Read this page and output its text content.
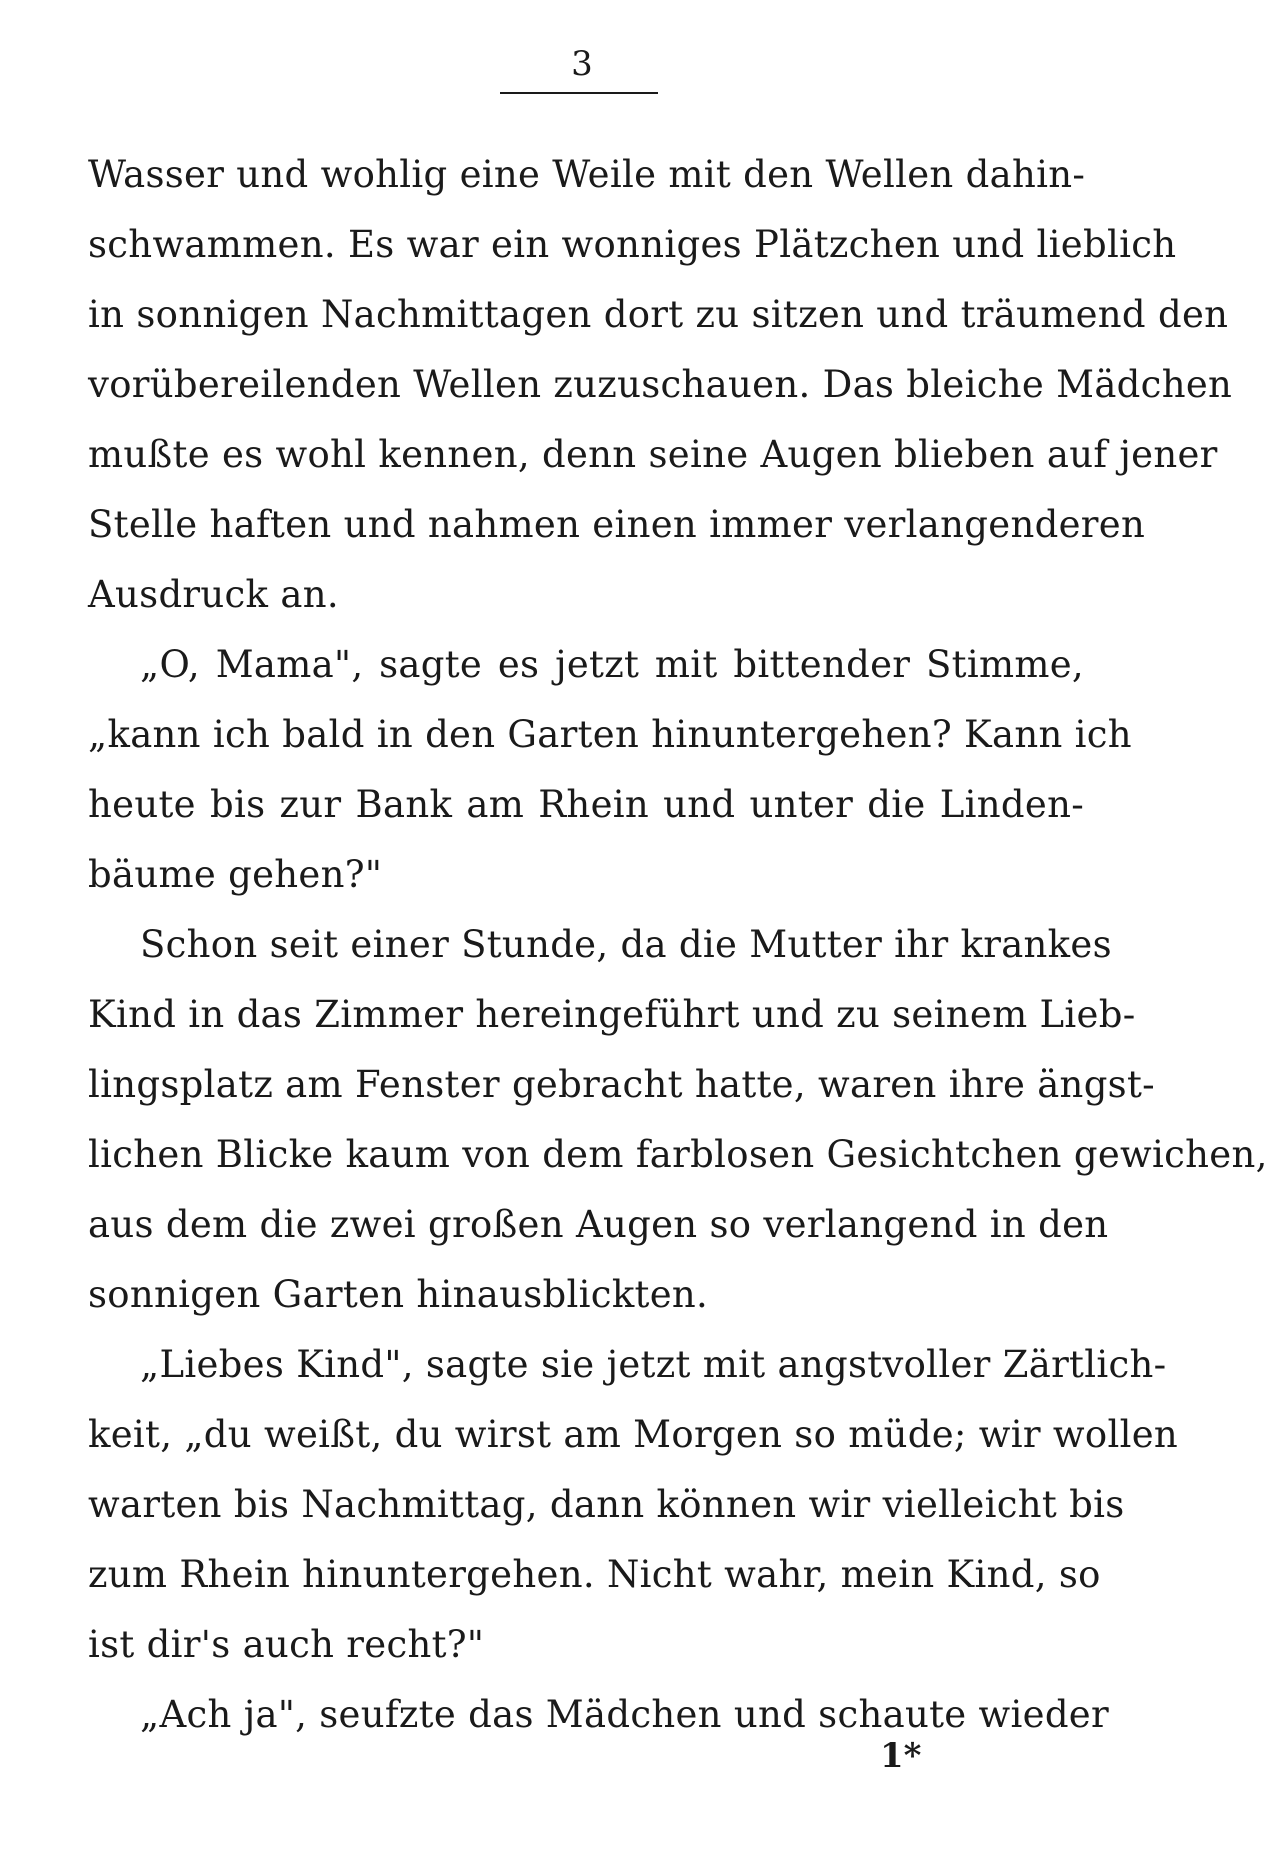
3
Wasser und wohlig eine Weile mit den Wellen dahin-
schwammen. Es war ein wonniges Plätzchen und lieblich
in sonnigen Nachmittagen dort zu sitzen und träumend den
vorübereilenden Wellen zuzuschauen. Das bleiche Mädchen
mußte es wohl kennen, denn seine Augen blieben auf jener
Stelle haften und nahmen einen immer verlangenderen
Ausdruck an.
„O, Mama", sagte es jetzt mit bittender Stimme,
„kann ich bald in den Garten hinuntergehen? Kann ich
heute bis zur Bank am Rhein und unter die Linden-
bäume gehen?"
Schon seit einer Stunde, da die Mutter ihr krankes
Kind in das Zimmer hereingeführt und zu seinem Lieb-
lingsplatz am Fenster gebracht hatte, waren ihre ängst-
lichen Blicke kaum von dem farblosen Gesichtchen gewichen,
aus dem die zwei großen Augen so verlangend in den
sonnigen Garten hinausblickten.
„Liebes Kind", sagte sie jetzt mit angstvoller Zärtlich-
keit, „du weißt, du wirst am Morgen so müde; wir wollen
warten bis Nachmittag, dann können wir vielleicht bis
zum Rhein hinuntergehen. Nicht wahr, mein Kind, so
ist dir's auch recht?"
„Ach ja", seufzte das Mädchen und schaute wieder
1*
